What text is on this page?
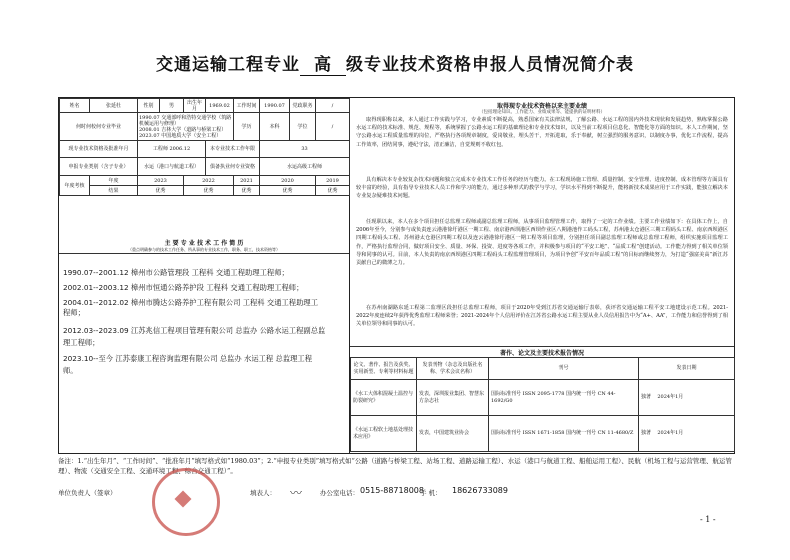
交通运输工程专业 高 级专业技术资格申报人员情况简介表
姓名	张延杜	性别	男	出生年月	1969.02	工作时间	1990.07	党政职务	/
何时何校何专业毕业		1990.07 交通部呼和浩特交通学校（筑路机械运用与修理）
2008.01 吉林大学（道路与桥梁工程）
2023.07 中国地质大学（安全工程）				学历	本科	学位	/
现专业技术资格及批准年月		工程师 2006.12			本专业技术工作年限		33		
申报专业类别（含子专业）		水运（港口与航道工程）			俱备执业何专业资格		水运高级工程师		
年度考核	年度	2023		2022		2021	2020		2019
	结果	优秀		优秀		优秀	优秀		优秀
主 要 专 业 技 术 工 作 简 历
（重点明确参与的技术工作任务、所从事的专业技术工作，职务、职工，技术资格等）
1990.07--2001.12 樟州市公路管理段 工程科 交通工程助理工程师；
2002.01--2003.12 樟州市恒通公路养护段 工程科 交通工程助理工程师；
2004.01--2012.02 樟州市腾达公路养护工程有限公司 工程科 交通工程助理工
程师；
2012.03--2023.09 江苏兆信工程项目管理有限公司 总监办 公路水运工程副总监
理工程师；
2023.10--至今 江苏泰康工程咨询监理有限公司 总监办 水运工程 总监理工程
师。
取得现专业技术资格以来主要业绩
（包括理论知识、工作能力、业绩成果等、能提供的证明材料）
取得现职称以来，本人通过工作实践与学习，专业素质不断提高，熟悉国家有关法律法规，了解公路、水运工程的国内外技术现状和发展趋势，熟练掌握公路水运工程的技术标准、规范、规程等，系统掌握了公路水运工程的基础理论和专业技术知识，以及当前工程项目信息化、智能化等方面的知识。本人工作期间，坚守公路水运工程质量监理的岗位，严格执行各项规章制度，爱岗敬业，埋头苦干，开拓进取，乐于奉献，树立强烈的服务意识，以制度办事，优化工作流程，提高工作效率，团结同事，遵纪守法，清正廉洁，自觉规则不收红包。
具有解决本专业较复杂技术问题和独立完成本专业技术工作任务的经历与能力。在工程现场施工管理、质量控制、安全管理、进度控制、成本管理等方面具有较丰富的经验，具有指导专业技术人员工作和学习的能力，通过多种形式的教学与学习，学识水平得到不断提升，能将新技术成果应用于工作实践，能独立解决本专业复杂疑难技术问题。
任现职以来，本人在多个项目担任总监理工程师或副总监理工程师，从事项目监理管理工作，取得了一定的工作业绩。主要工作业绩如下：在具体工作上，自2006年至今，分别参与或负责连云港港徐圩港区一期工程、南京港西坝港区西坝作业区八期港池作工码头工程，苏州港太仓港区三期工程码头工程、南京西坝港区四期工程码头工程、苏州港太仓港区四期工程以及连云港港徐圩港区一期工程等项目监理，分别担任项目副总监理工程师或总监理工程师，组织实施项目监理工作，严格执行监理合同，做好项目安全、质量、环保、投资、进度等各项工作，并积极参与项目的“平安工地”、“品质工程”创建活动。工作能力得到了相关单位领导和同事的认可。目前，本人负责的南京西坝港区四期工程码头工程监理管理项目，为项目争创“平安百年品质工程”的目标而继续努力，为打造“强富美高”新江苏贡献自己的微薄之力。
在苏州南湖路东延工程第二监理区段担任总监理工程师，项目于2020年受到江苏省交通运输厅表彰，获评省交通运输工程平安工地建设示范工程。2021-2022年度连续2年获得优秀监理工程师荣誉；2021-2024年个人信用评价在江苏省公路水运工程主要从业人员信用报告中为“A+、AA”，工作能力和信誉得到了相关单位领导和同事的认可。
著作、论文及主要技术报告情况
论文、著作、报告及获奖、实用新型、专利等材料标题	发表刊物（杂志及出版社名称、学术会议名称）	刊号	发表日期
《水工大体积混凝土温控与防裂研究》	发表，深圳报业集团、智慧东方杂志社	国际标准刊号 ISSN 2095-1778 国内统一刊号 CN 44-1692/G0	独著 2024年1月
《水运工程软土地基处理技术应用》	发表，中国建筑业协会	国际标准刊号 ISSN 1671-1858 国内统一刊号 CN 11-4680/Z	独著 2024年1月
备注：1.“出生年月”、“工作时间”、“批准年月”填写格式如“1980.03”；2.“申报专业类别”填写格式如“公路（道路与桥梁工程、站场工程、道路运输工程）、水运（港口与航道工程、船舶运用工程）、民航（机场工程与运营管理、航运管理）、物流（交通安全工程、交通环境工程、综合交通工程）”。
单位负责人（签章）	填表人： 〰	办公室电话： 0515-88718008
手 机： 18626733089
- 1 -
